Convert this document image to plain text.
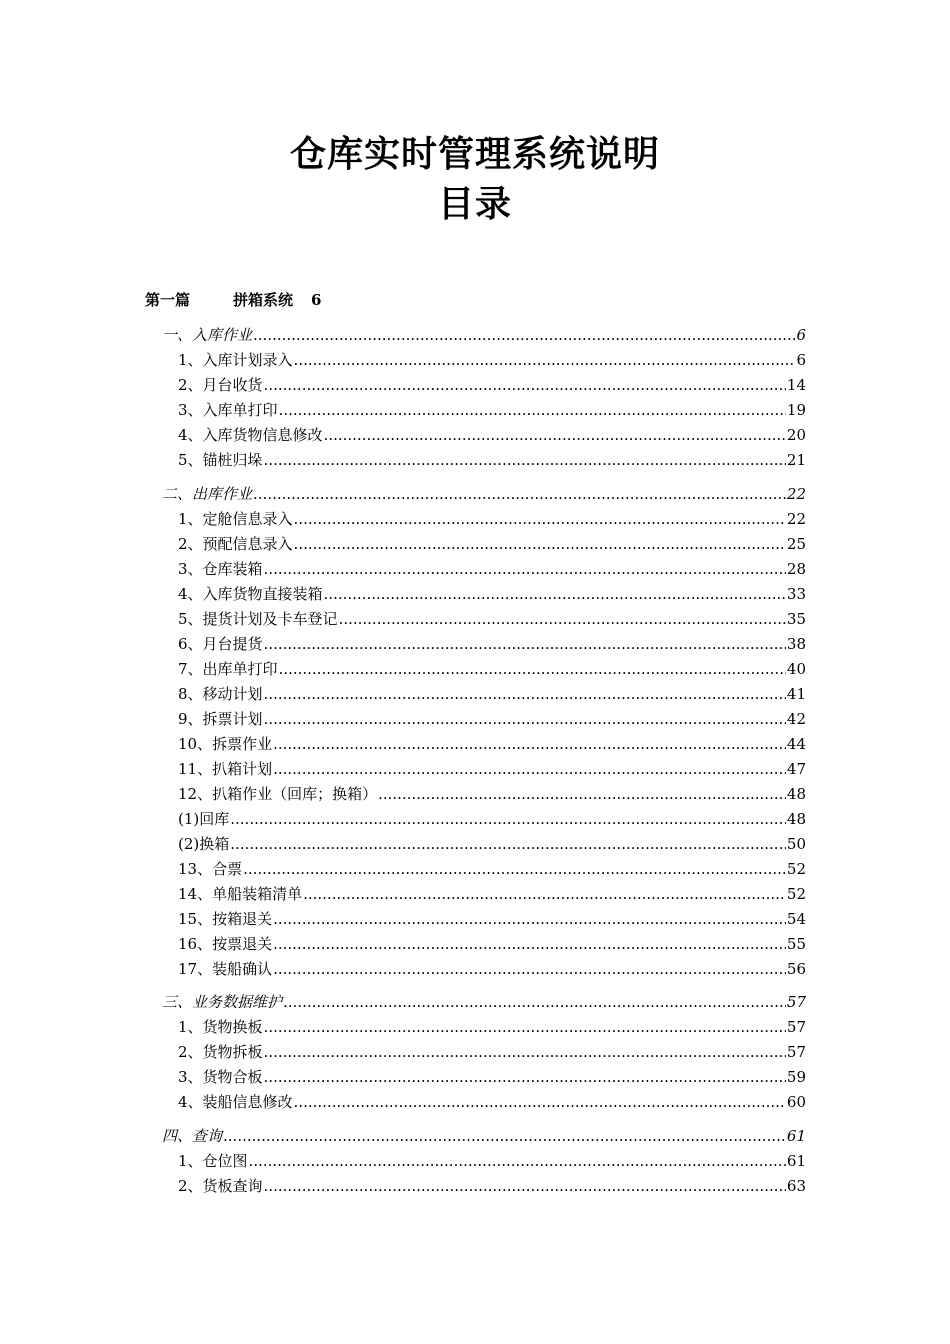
仓库实时管理系统说明
目录
第一篇	拼箱系统 6
一、入库作业 .....	6
1、入库计划录入 .....	6
2、月台收货 .....	14
3、入库单打印 .....	19
4、入库货物信息修改 .....	20
5、锚桩归垛 .....	21
二、出库作业 .....	22
1、定舱信息录入 .....	22
2、预配信息录入 .....	25
3、仓库装箱 .....	28
4、入库货物直接装箱 .....	33
5、提货计划及卡车登记 .....	35
6、月台提货 .....	38
7、出库单打印 .....	40
8、移动计划 .....	41
9、拆票计划 .....	42
10、拆票作业 .....	44
11、扒箱计划 .....	47
12、扒箱作业（回库；换箱） .....	48
(1)回库 .....	48
(2)换箱 .....	50
13、合票 .....	52
14、单船装箱清单 .....	52
15、按箱退关 .....	54
16、按票退关 .....	55
17、装船确认 .....	56
三、业务数据维护 .....	57
1、货物换板 .....	57
2、货物拆板 .....	57
3、货物合板 .....	59
4、装船信息修改 .....	60
四、查询 .....	61
1、仓位图 .....	61
2、货板查询 .....	63
